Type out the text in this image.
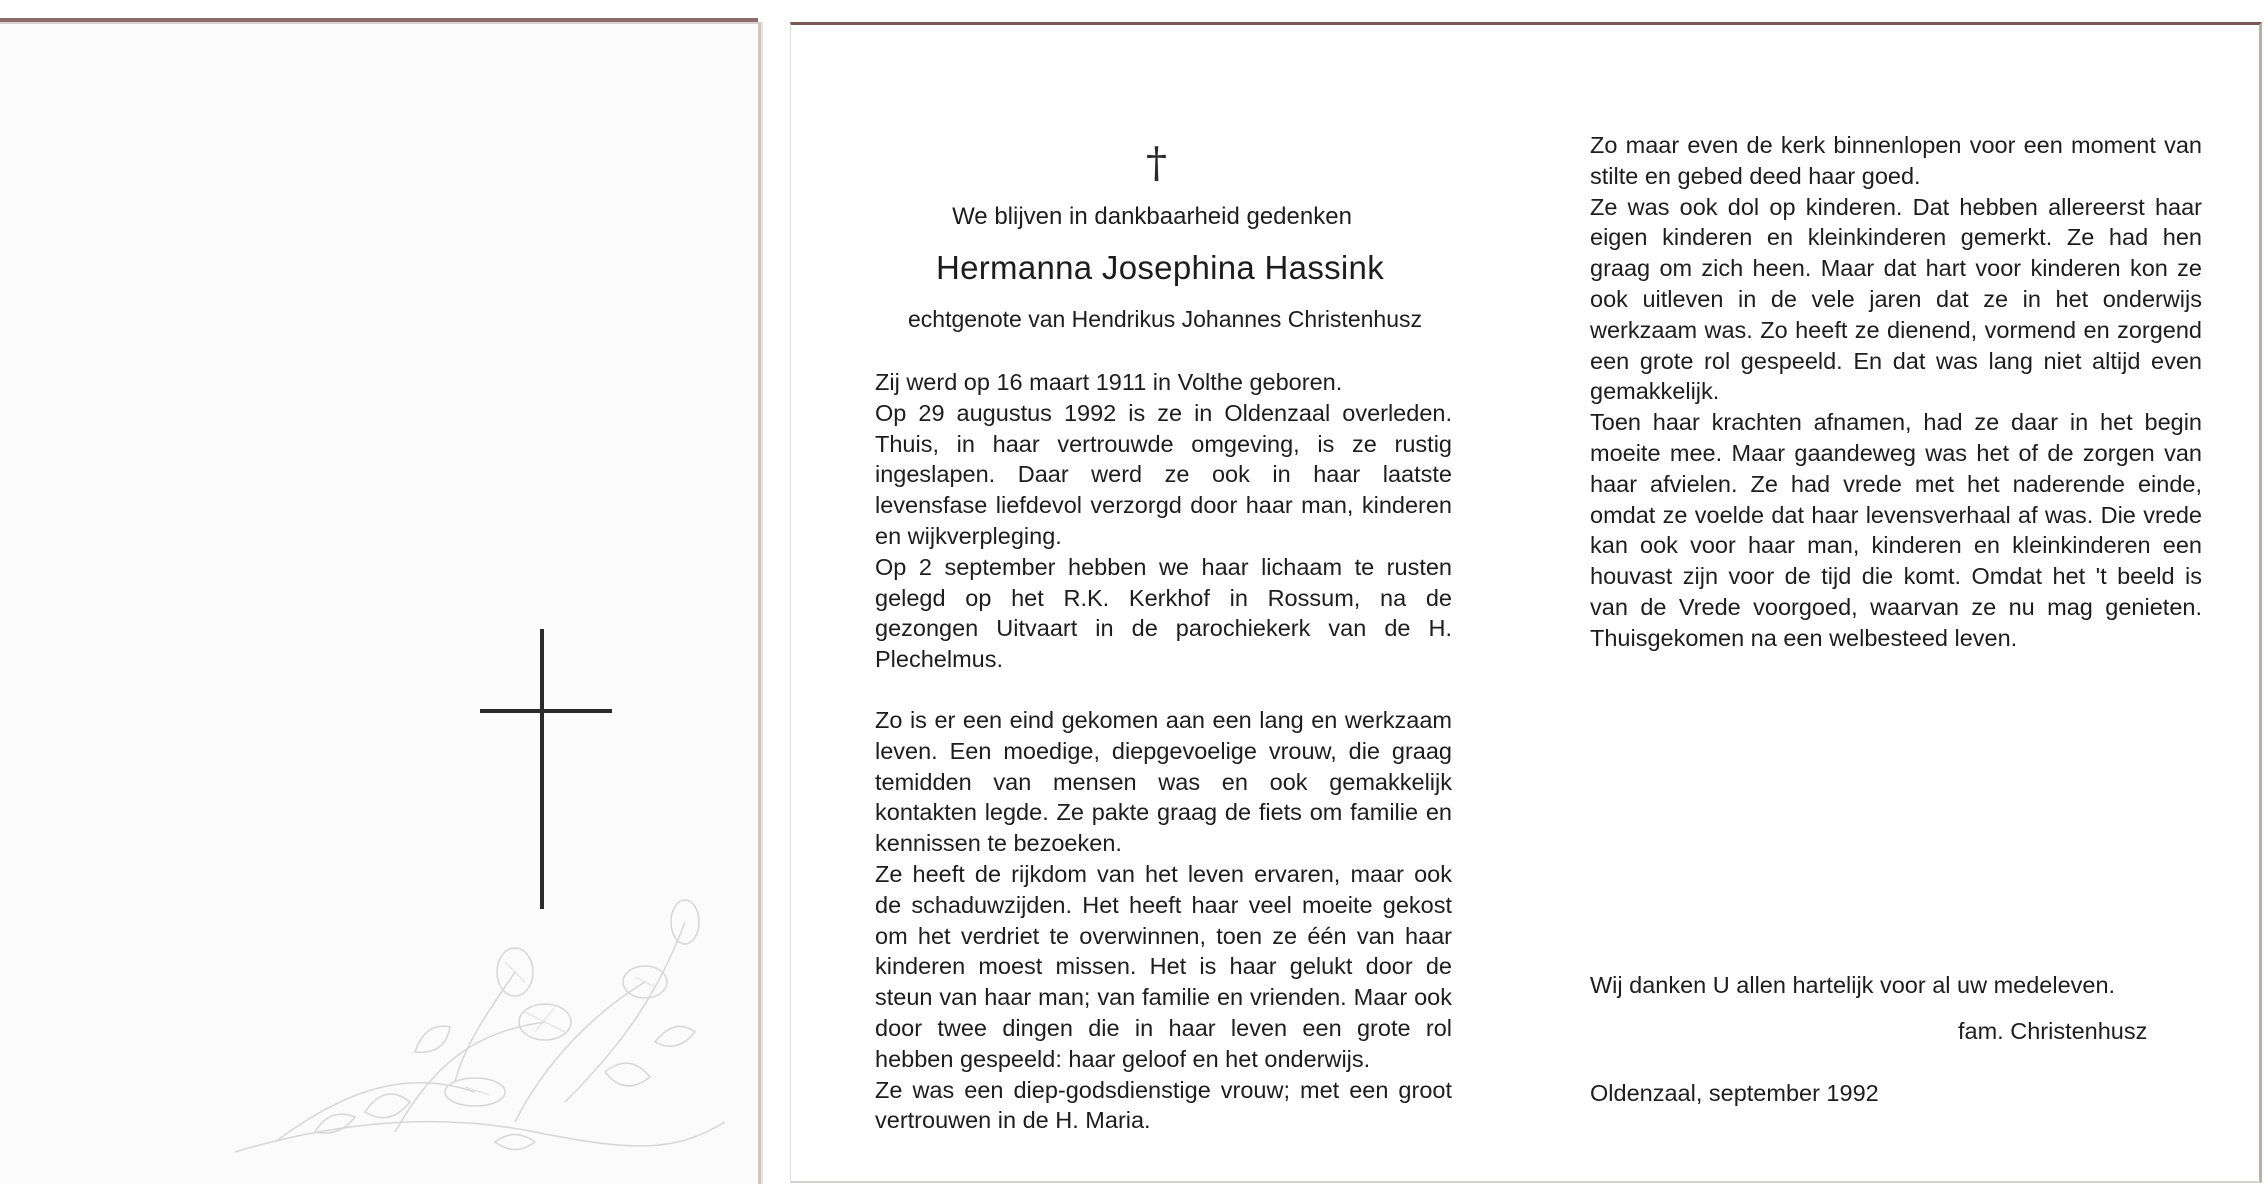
†
We blijven in dankbaarheid gedenken
Hermanna Josephina Hassink
echtgenote van Hendrikus Johannes Christenhusz

Zij werd op 16 maart 1911 in Volthe geboren.

Op 29 augustus 1992 is ze in Oldenzaal overleden. Thuis, in haar vertrouwde omgeving, is ze rustig ingeslapen. Daar werd ze ook in haar laatste levensfase liefdevol verzorgd door haar man, kinderen en wijkverpleging.

Op 2 september hebben we haar lichaam te rusten gelegd op het R.K. Kerkhof in Rossum, na de gezongen Uitvaart in de parochiekerk van de H. Plechelmus.

Zo is er een eind gekomen aan een lang en werkzaam leven. Een moedige, diepgevoelige vrouw, die graag temidden van mensen was en ook gemakkelijk kontakten legde. Ze pakte graag de fiets om familie en kennissen te bezoeken.

Ze heeft de rijkdom van het leven ervaren, maar ook de schaduwzijden. Het heeft haar veel moeite gekost om het verdriet te overwinnen, toen ze één van haar kinderen moest missen. Het is haar gelukt door de steun van haar man; van familie en vrienden. Maar ook door twee dingen die in haar leven een grote rol hebben gespeeld: haar geloof en het onderwijs.

Ze was een diep-godsdienstige vrouw; met een groot vertrouwen in de H. Maria.

Zo maar even de kerk binnenlopen voor een moment van stilte en gebed deed haar goed.

Ze was ook dol op kinderen. Dat hebben allereerst haar eigen kinderen en kleinkinderen gemerkt. Ze had hen graag om zich heen. Maar dat hart voor kinderen kon ze ook uitleven in de vele jaren dat ze in het onderwijs werkzaam was. Zo heeft ze dienend, vormend en zorgend een grote rol gespeeld. En dat was lang niet altijd even gemakkelijk.

Toen haar krachten afnamen, had ze daar in het begin moeite mee. Maar gaandeweg was het of de zorgen van haar afvielen. Ze had vrede met het naderende einde, omdat ze voelde dat haar levensverhaal af was. Die vrede kan ook voor haar man, kinderen en kleinkinderen een houvast zijn voor de tijd die komt. Omdat het 't beeld is van de Vrede voorgoed, waarvan ze nu mag genieten. Thuisgekomen na een welbesteed leven.

Wij danken U allen hartelijk voor al uw medeleven.
fam. Christenhusz
Oldenzaal, september 1992
